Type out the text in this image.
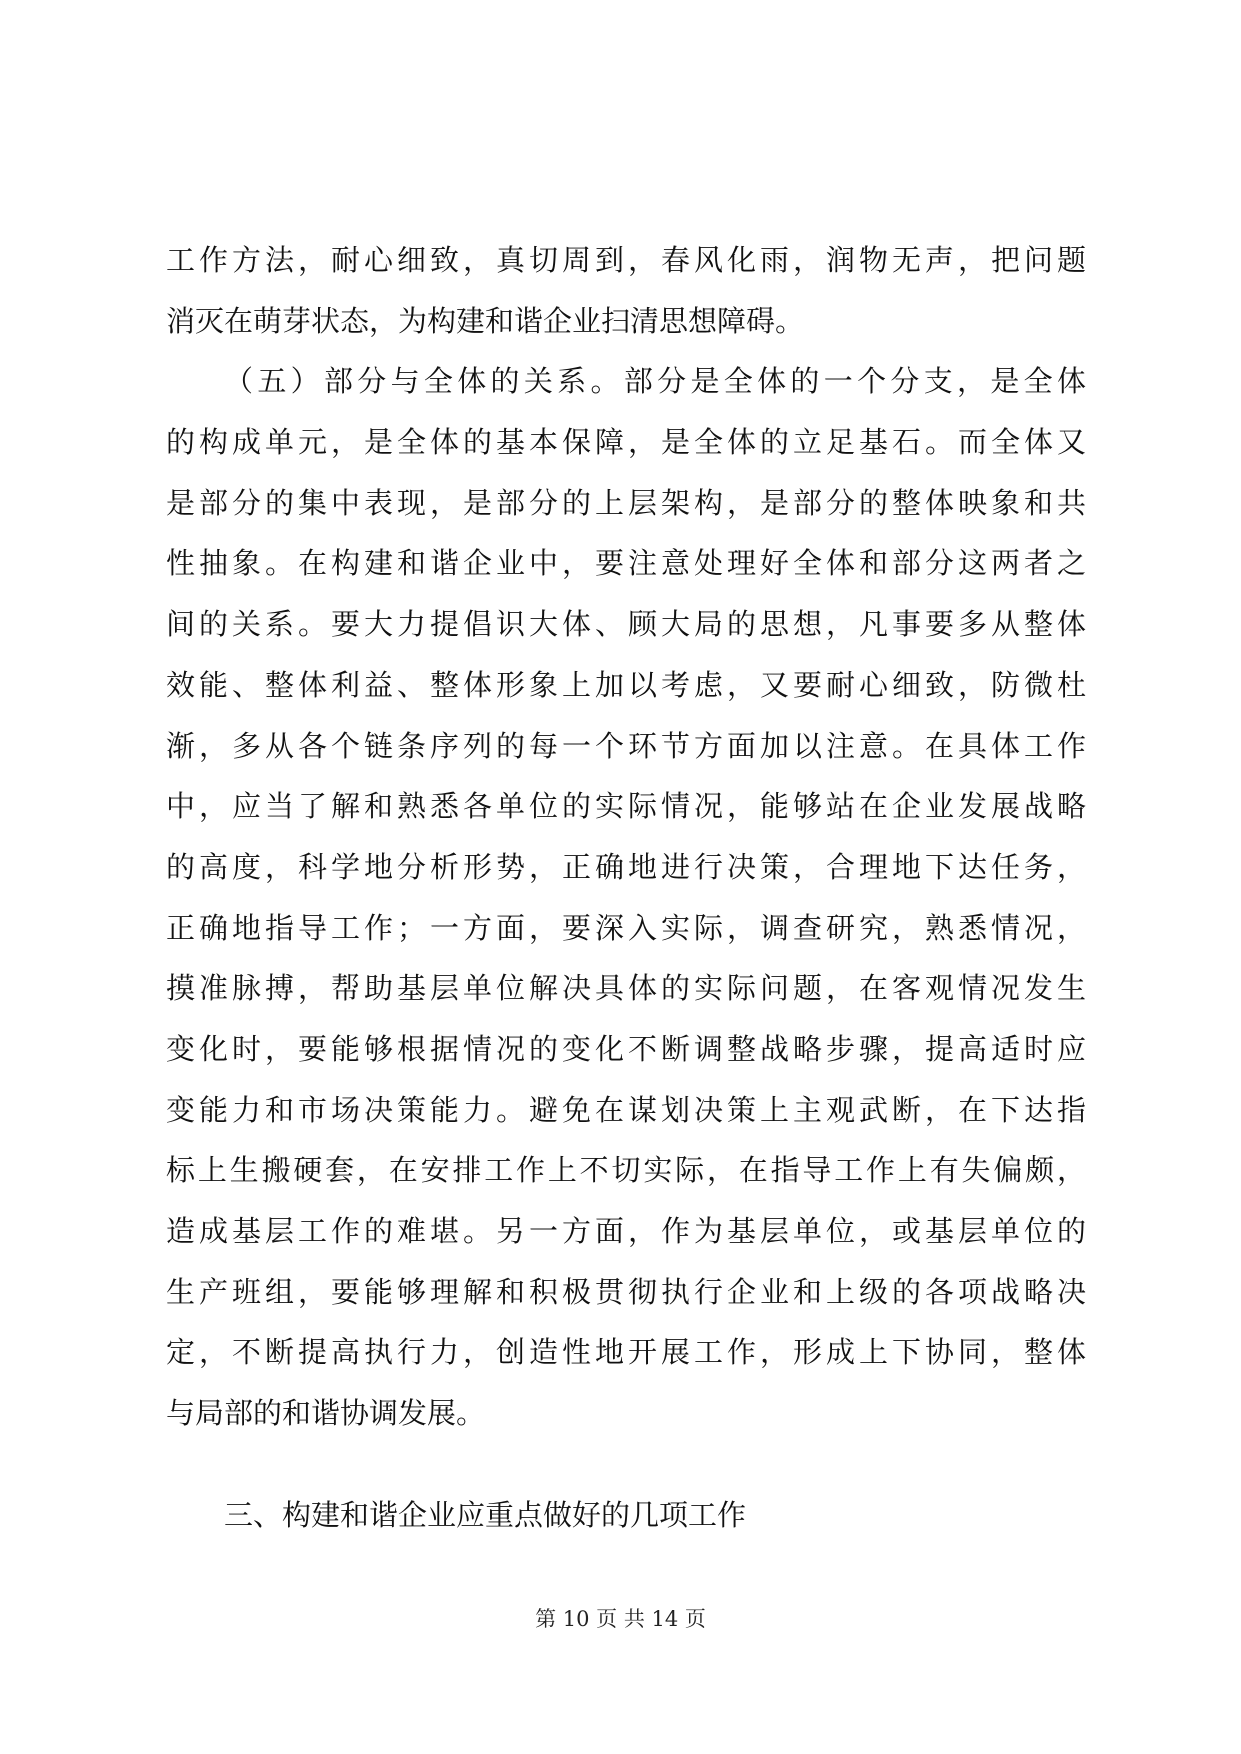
工作方法，耐心细致，真切周到，春风化雨，润物无声，把问题
消灭在萌芽状态，为构建和谐企业扫清思想障碍。
（五）部分与全体的关系。部分是全体的一个分支，是全体
的构成单元，是全体的基本保障，是全体的立足基石。而全体又
是部分的集中表现，是部分的上层架构，是部分的整体映象和共
性抽象。在构建和谐企业中，要注意处理好全体和部分这两者之
间的关系。要大力提倡识大体、顾大局的思想，凡事要多从整体
效能、整体利益、整体形象上加以考虑，又要耐心细致，防微杜
渐，多从各个链条序列的每一个环节方面加以注意。在具体工作
中，应当了解和熟悉各单位的实际情况，能够站在企业发展战略
的高度，科学地分析形势，正确地进行决策，合理地下达任务，
正确地指导工作；一方面，要深入实际，调查研究，熟悉情况，
摸准脉搏，帮助基层单位解决具体的实际问题，在客观情况发生
变化时，要能够根据情况的变化不断调整战略步骤，提高适时应
变能力和市场决策能力。避免在谋划决策上主观武断，在下达指
标上生搬硬套，在安排工作上不切实际，在指导工作上有失偏颇，
造成基层工作的难堪。另一方面，作为基层单位，或基层单位的
生产班组，要能够理解和积极贯彻执行企业和上级的各项战略决
定，不断提高执行力，创造性地开展工作，形成上下协同，整体
与局部的和谐协调发展。
三、构建和谐企业应重点做好的几项工作
第 10 页 共 14 页
